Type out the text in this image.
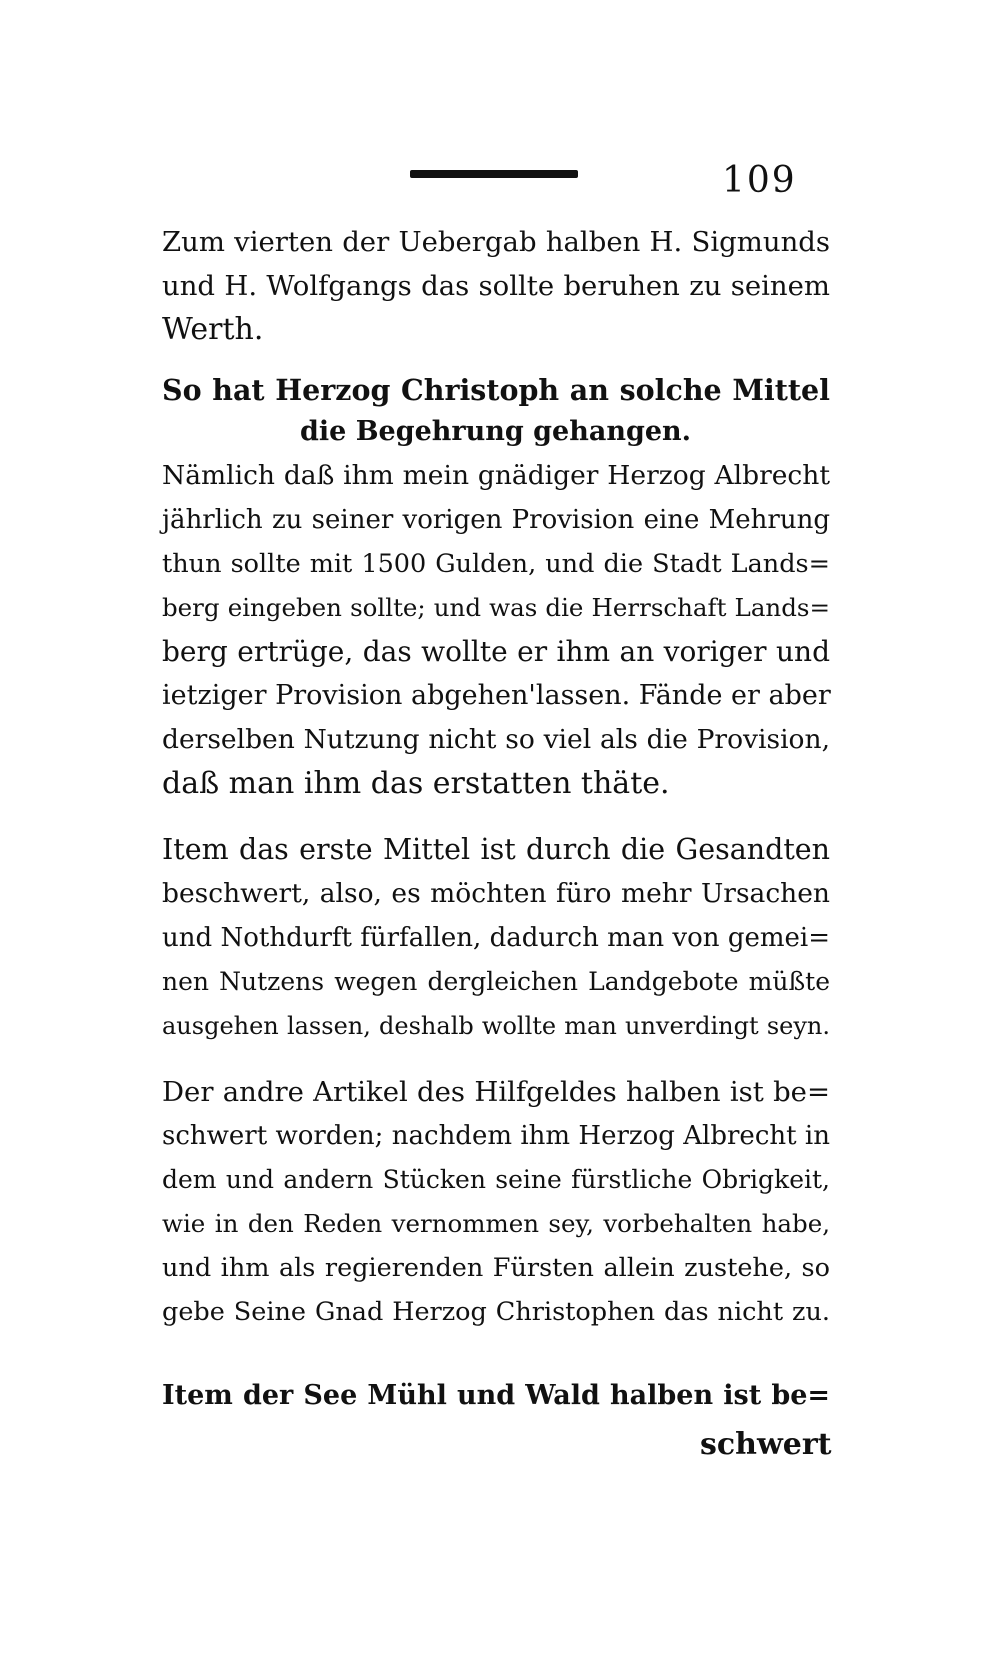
109
Zum vierten der Uebergab halben H. Sigmunds
und H. Wolfgangs das sollte beruhen zu seinem
Werth.
So hat Herzog Christoph an solche Mittel
die Begehrung gehangen.
Nämlich daß ihm mein gnädiger Herzog Albrecht
jährlich zu seiner vorigen Provision eine Mehrung
thun sollte mit 1500 Gulden, und die Stadt Lands=
berg eingeben sollte; und was die Herrschaft Lands=
berg ertrüge, das wollte er ihm an voriger und
ietziger Provision abgehen'lassen. Fände er aber
derselben Nutzung nicht so viel als die Provision,
daß man ihm das erstatten thäte.
Item das erste Mittel ist durch die Gesandten
beschwert, also, es möchten füro mehr Ursachen
und Nothdurft fürfallen, dadurch man von gemei=
nen Nutzens wegen dergleichen Landgebote müßte
ausgehen lassen, deshalb wollte man unverdingt seyn.
Der andre Artikel des Hilfgeldes halben ist be=
schwert worden; nachdem ihm Herzog Albrecht in
dem und andern Stücken seine fürstliche Obrigkeit,
wie in den Reden vernommen sey, vorbehalten habe,
und ihm als regierenden Fürsten allein zustehe, so
gebe Seine Gnad Herzog Christophen das nicht zu.
Item der See Mühl und Wald halben ist be=
schwert
